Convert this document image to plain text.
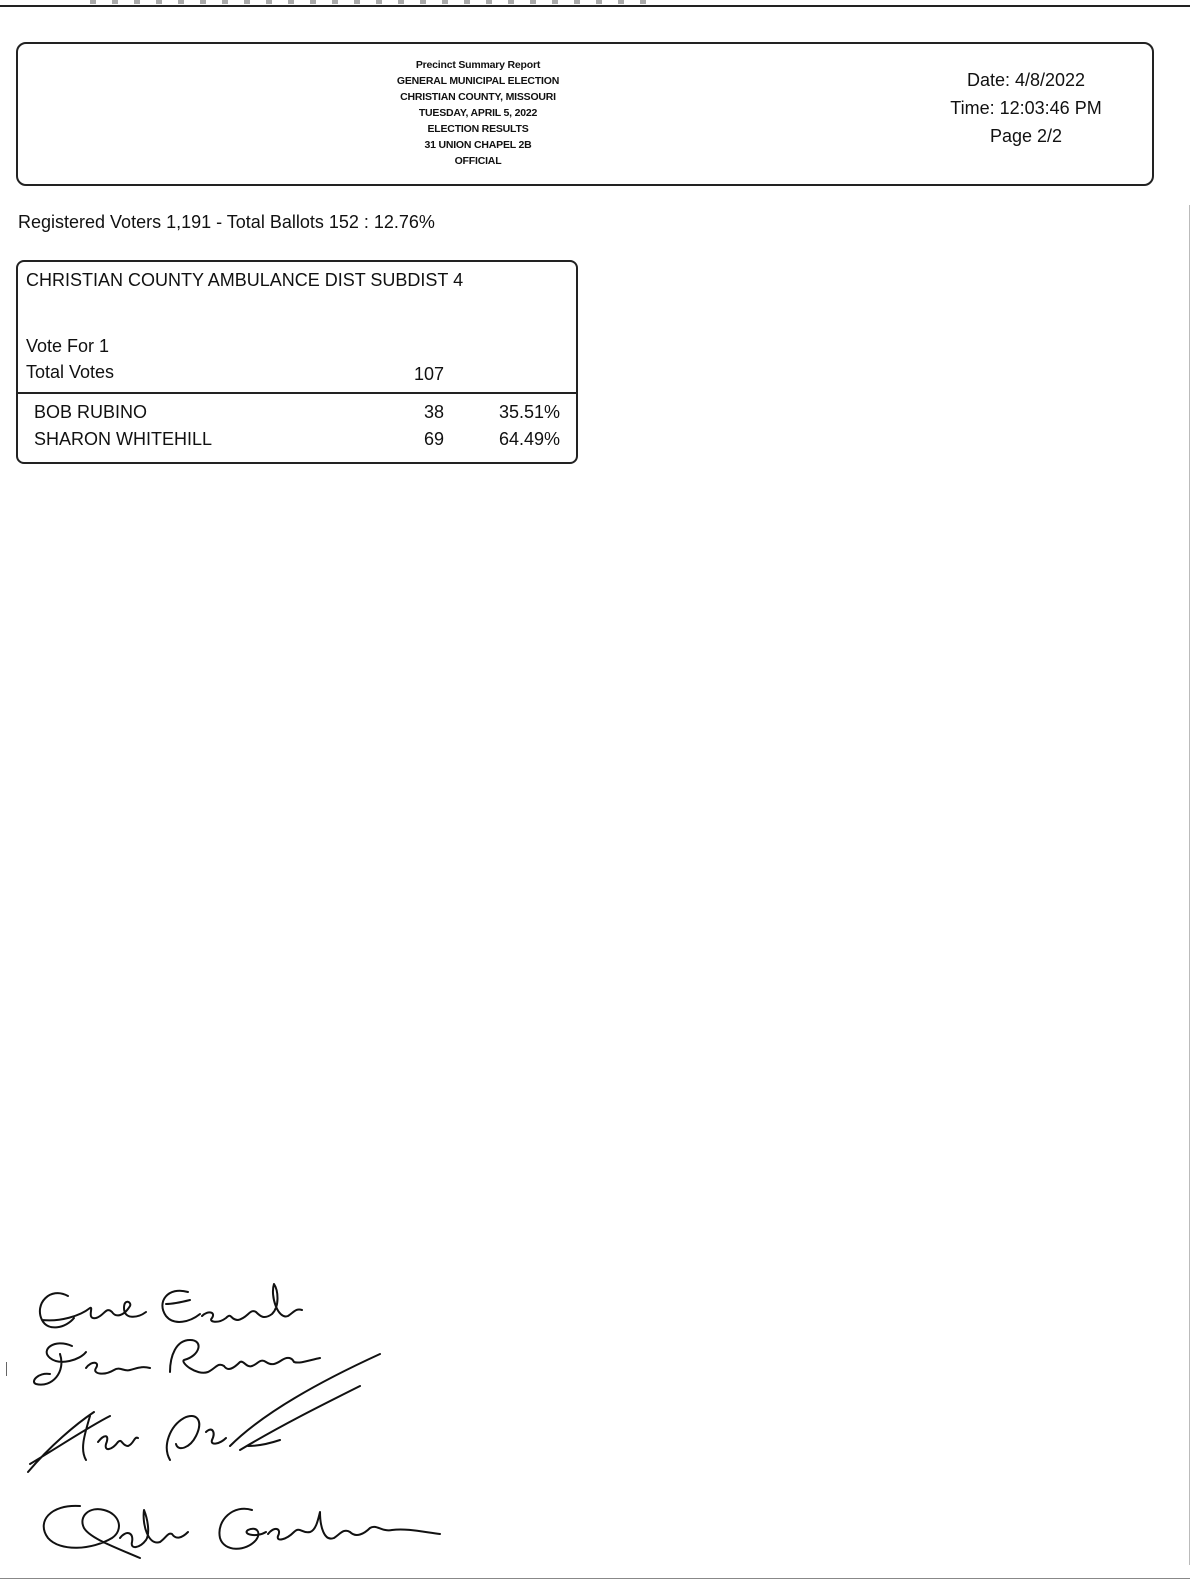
Precinct Summary Report
GENERAL MUNICIPAL ELECTION
CHRISTIAN COUNTY, MISSOURI
TUESDAY, APRIL 5, 2022
ELECTION RESULTS
31 UNION CHAPEL 2B
OFFICIAL
Date: 4/8/2022
Time: 12:03:46 PM
Page 2/2
Registered Voters 1,191 - Total Ballots 152 : 12.76%
CHRISTIAN COUNTY AMBULANCE DIST SUBDIST 4
Vote For 1
Total Votes	107
BOB RUBINO	38	35.51%
SHARON WHITEHILL	69	64.49%
